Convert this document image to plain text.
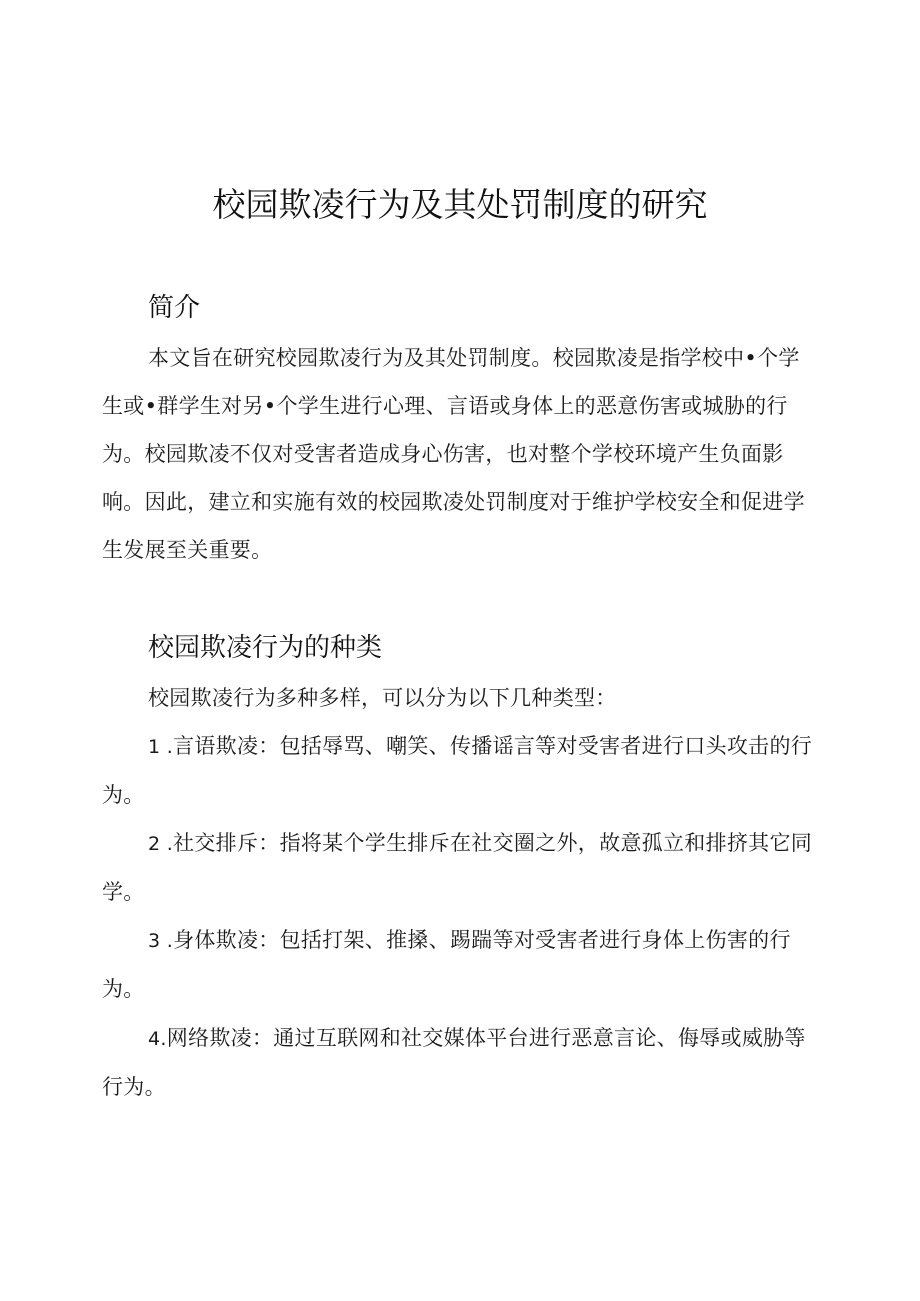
校园欺凌行为及其处罚制度的研究
简介

本文旨在研究校园欺凌行为及其处罚制度。校园欺凌是指学校中•个学生或•群学生对另•个学生进行心理、言语或身体上的恶意伤害或城胁的行为。校园欺凌不仅对受害者造成身心伤害，也对整个学校环境产生负面影响。因此，建立和实施有效的校园欺凌处罚制度对于维护学校安全和促进学生发展至关重要。

校园欺凌行为的种类

校园欺凌行为多种多样，可以分为以下几种类型：

1 .言语欺凌：包括辱骂、嘲笑、传播谣言等对受害者进行口头攻击的行为。

2 .社交排斥：指将某个学生排斥在社交圈之外，故意孤立和排挤其它同学。

3 .身体欺凌：包括打架、推搡、踢踹等对受害者进行身体上伤害的行为。

4.网络欺凌：通过互联网和社交媒体平台进行恶意言论、侮辱或威胁等行为。
